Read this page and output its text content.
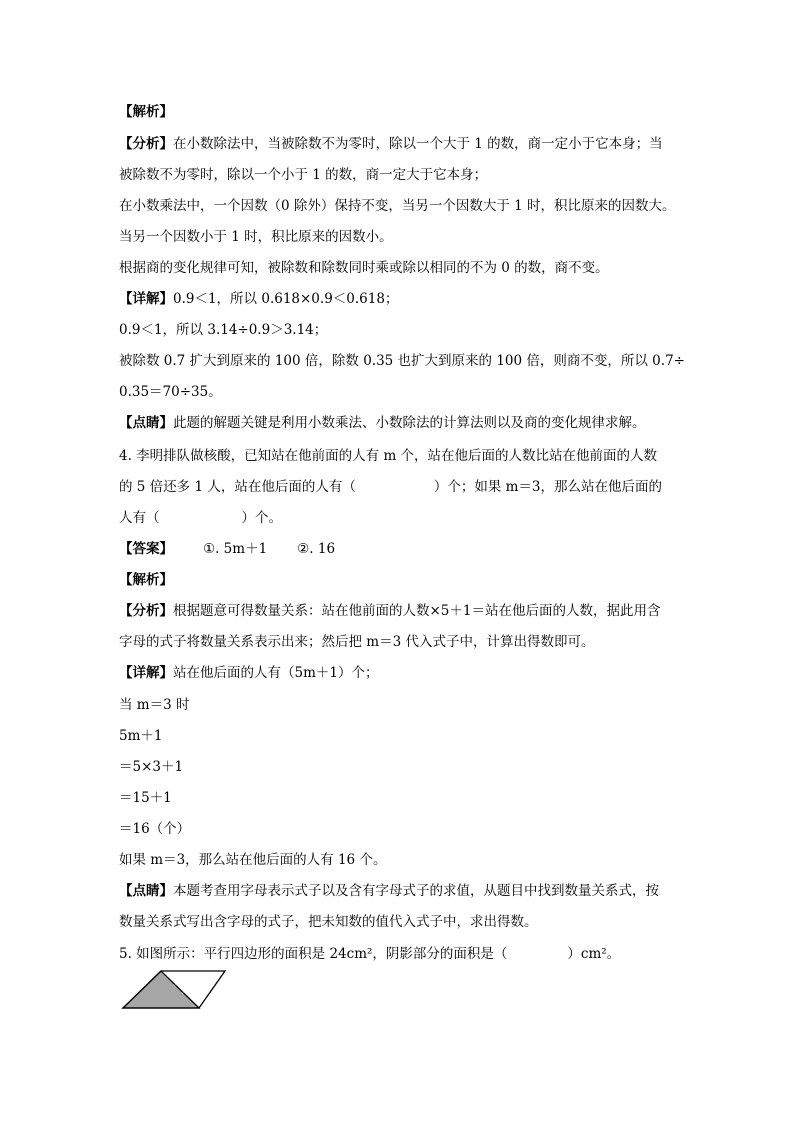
【解析】
【分析】在小数除法中，当被除数不为零时，除以一个大于 1 的数，商一定小于它本身；当
被除数不为零时，除以一个小于 1 的数，商一定大于它本身；
在小数乘法中，一个因数（0 除外）保持不变，当另一个因数大于 1 时，积比原来的因数大。
当另一个因数小于 1 时，积比原来的因数小。
根据商的变化规律可知，被除数和除数同时乘或除以相同的不为 0 的数，商不变。
【详解】0.9＜1，所以 0.618×0.9＜0.618；
0.9＜1，所以 3.14÷0.9＞3.14；
被除数 0.7 扩大到原来的 100 倍，除数 0.35 也扩大到原来的 100 倍，则商不变，所以 0.7÷
0.35＝70÷35。
【点睛】此题的解题关键是利用小数乘法、小数除法的计算法则以及商的变化规律求解。
4. 李明排队做核酸，已知站在他前面的人有 m 个，站在他后面的人数比站在他前面的人数
的 5 倍还多 1 人，站在他后面的人有（	）个；如果 m＝3，那么站在他后面的
人有（	）个。
【答案】 ①. 5m＋1 ②. 16
【解析】
【分析】根据题意可得数量关系：站在他前面的人数×5＋1＝站在他后面的人数，据此用含
字母的式子将数量关系表示出来；然后把 m＝3 代入式子中，计算出得数即可。
【详解】站在他后面的人有（5m＋1）个；
当 m＝3 时
5m＋1
＝5×3＋1
＝15＋1
＝16（个）
如果 m＝3，那么站在他后面的人有 16 个。
【点睛】本题考查用字母表示式子以及含有字母式子的求值，从题目中找到数量关系式，按
数量关系式写出含字母的式子，把未知数的值代入式子中，求出得数。
5. 如图所示：平行四边形的面积是 24cm²，阴影部分的面积是（	）cm²。
